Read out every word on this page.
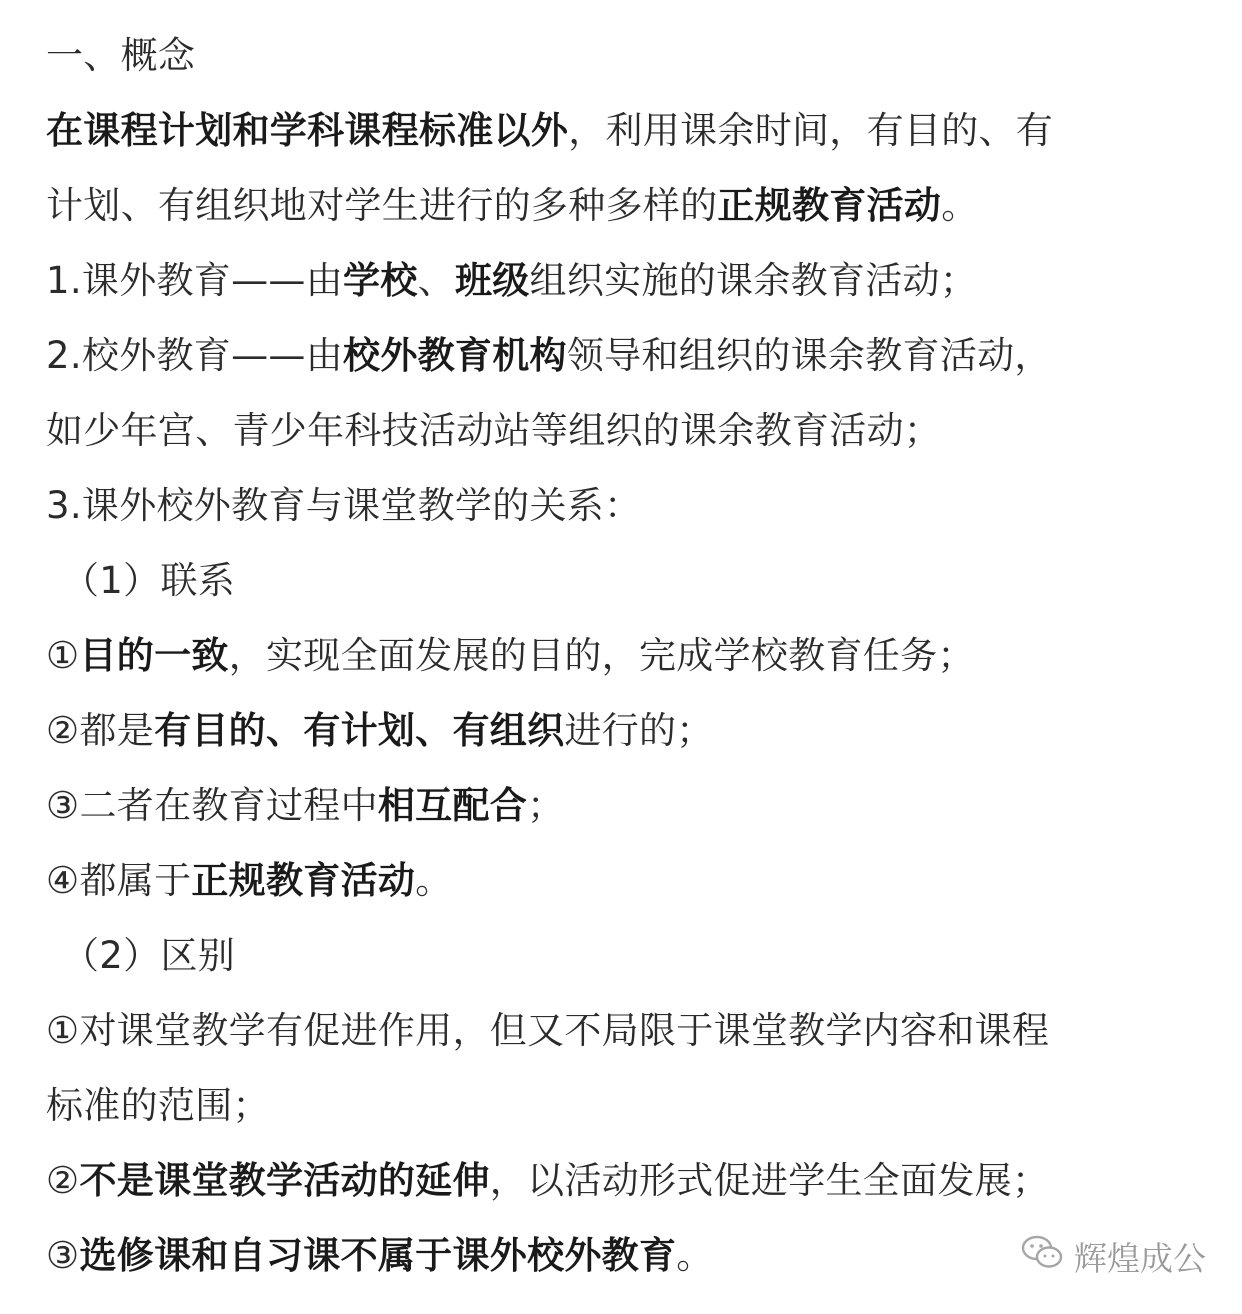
一、概念
在课程计划和学科课程标准以外，利用课余时间，有目的、有
计划、有组织地对学生进行的多种多样的正规教育活动。
1.课外教育——由学校、班级组织实施的课余教育活动；
2.校外教育——由校外教育机构领导和组织的课余教育活动，
如少年宫、青少年科技活动站等组织的课余教育活动；
3.课外校外教育与课堂教学的关系：
（1）联系
①目的一致，实现全面发展的目的，完成学校教育任务；
②都是有目的、有计划、有组织进行的；
③二者在教育过程中相互配合；
④都属于正规教育活动。
（2）区别
①对课堂教学有促进作用，但又不局限于课堂教学内容和课程
标准的范围；
②不是课堂教学活动的延伸，以活动形式促进学生全面发展；
③选修课和自习课不属于课外校外教育。	辉煌成公
